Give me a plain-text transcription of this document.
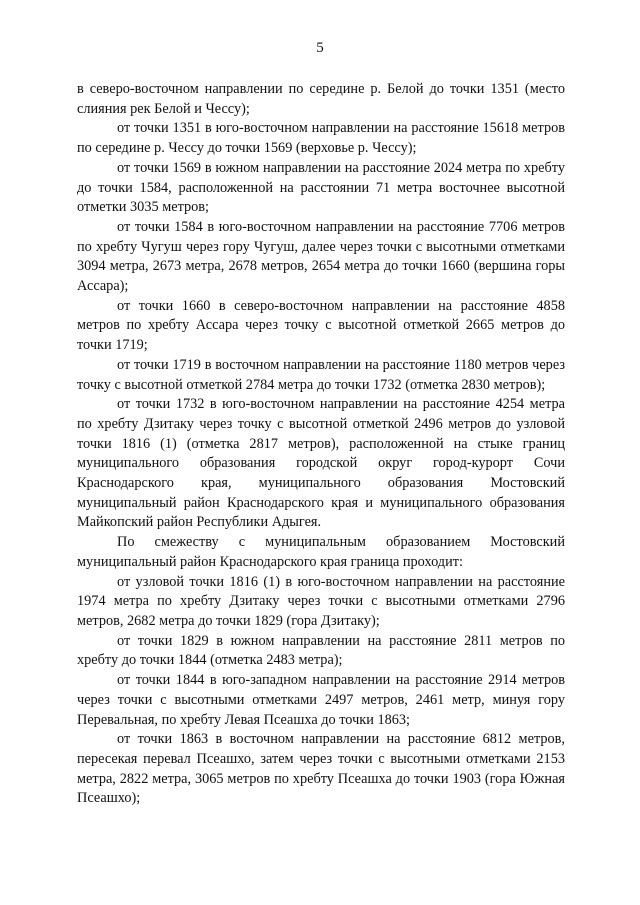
5

в северо-восточном направлении по середине р. Белой до точки 1351 (место слияния рек Белой и Чессу);

от точки 1351 в юго-восточном направлении на расстояние 15618 метров по середине р. Чессу до точки 1569 (верховье р. Чессу);

от точки 1569 в южном направлении на расстояние 2024 метра по хребту до точки 1584, расположенной на расстоянии 71 метра восточнее высотной отметки 3035 метров;

от точки 1584 в юго-восточном направлении на расстояние 7706 метров по хребту Чугуш через гору Чугуш, далее через точки с высотными отметками 3094 метра, 2673 метра, 2678 метров, 2654 метра до точки 1660 (вершина горы Ассара);

от точки 1660 в северо-восточном направлении на расстояние 4858 метров по хребту Ассара через точку с высотной отметкой 2665 метров до точки 1719;

от точки 1719 в восточном направлении на расстояние 1180 метров через точку с высотной отметкой 2784 метра до точки 1732 (отметка 2830 метров);

от точки 1732 в юго-восточном направлении на расстояние 4254 метра по хребту Дзитаку через точку с высотной отметкой 2496 метров до узловой точки 1816 (1) (отметка 2817 метров), расположенной на стыке границ муниципального образования городской округ город-курорт Сочи Краснодарского края, муниципального образования Мостовский муниципальный район Краснодарского края и муниципального образования Майкопский район Республики Адыгея.

По смежеству с муниципальным образованием Мостовский муниципальный район Краснодарского края граница проходит:

от узловой точки 1816 (1) в юго-восточном направлении на расстояние 1974 метра по хребту Дзитаку через точки с высотными отметками 2796 метров, 2682 метра до точки 1829 (гора Дзитаку);

от точки 1829 в южном направлении на расстояние 2811 метров по хребту до точки 1844 (отметка 2483 метра);

от точки 1844 в юго-западном направлении на расстояние 2914 метров через точки с высотными отметками 2497 метров, 2461 метр, минуя гору Перевальная, по хребту Левая Псеашха до точки 1863;

от точки 1863 в восточном направлении на расстояние 6812 метров, пересекая перевал Псеашхо, затем через точки с высотными отметками 2153 метра, 2822 метра, 3065 метров по хребту Псеашха до точки 1903 (гора Южная Псеашхо);
